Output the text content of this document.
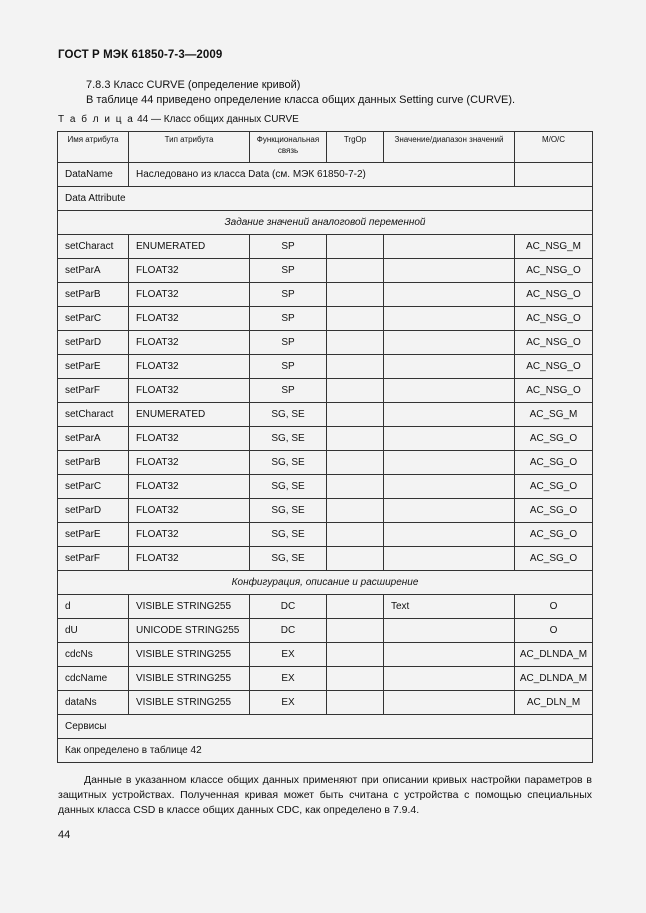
ГОСТ Р МЭК 61850-7-3—2009
7.8.3 Класс CURVE (определение кривой)
В таблице 44 приведено определение класса общих данных Setting curve (CURVE).
Т а б л и ц а 44 — Класс общих данных CURVE
Имя атрибута	Тип атрибута	Функциональная связь	TrgOp	Значение/диапазон значений	M/O/C
DataName	Наследовано из класса Data (см. МЭК 61850-7-2)				
Data Attribute					
Задание значений аналоговой переменной					
setCharact	ENUMERATED	SP			AC_NSG_M
setParA	FLOAT32	SP			AC_NSG_O
setParB	FLOAT32	SP			AC_NSG_O
setParC	FLOAT32	SP			AC_NSG_O
setParD	FLOAT32	SP			AC_NSG_O
setParE	FLOAT32	SP			AC_NSG_O
setParF	FLOAT32	SP			AC_NSG_O
setCharact	ENUMERATED	SG, SE			AC_SG_M
setParA	FLOAT32	SG, SE			AC_SG_O
setParB	FLOAT32	SG, SE			AC_SG_O
setParC	FLOAT32	SG, SE			AC_SG_O
setParD	FLOAT32	SG, SE			AC_SG_O
setParE	FLOAT32	SG, SE			AC_SG_O
setParF	FLOAT32	SG, SE			AC_SG_O
Конфигурация, описание и расширение					
d	VISIBLE STRING255	DC		Text	O
dU	UNICODE STRING255	DC			O
cdcNs	VISIBLE STRING255	EX			AC_DLNDA_M
cdcName	VISIBLE STRING255	EX			AC_DLNDA_M
dataNs	VISIBLE STRING255	EX			AC_DLN_M
Сервисы					
Как определено в таблице 42					
Данные в указанном классе общих данных применяют при описании кривых настройки параметров в защитных устройствах. Полученная кривая может быть считана с устройства с помощью специальных данных класса CSD в классе общих данных CDC, как определено в 7.9.4.
44
